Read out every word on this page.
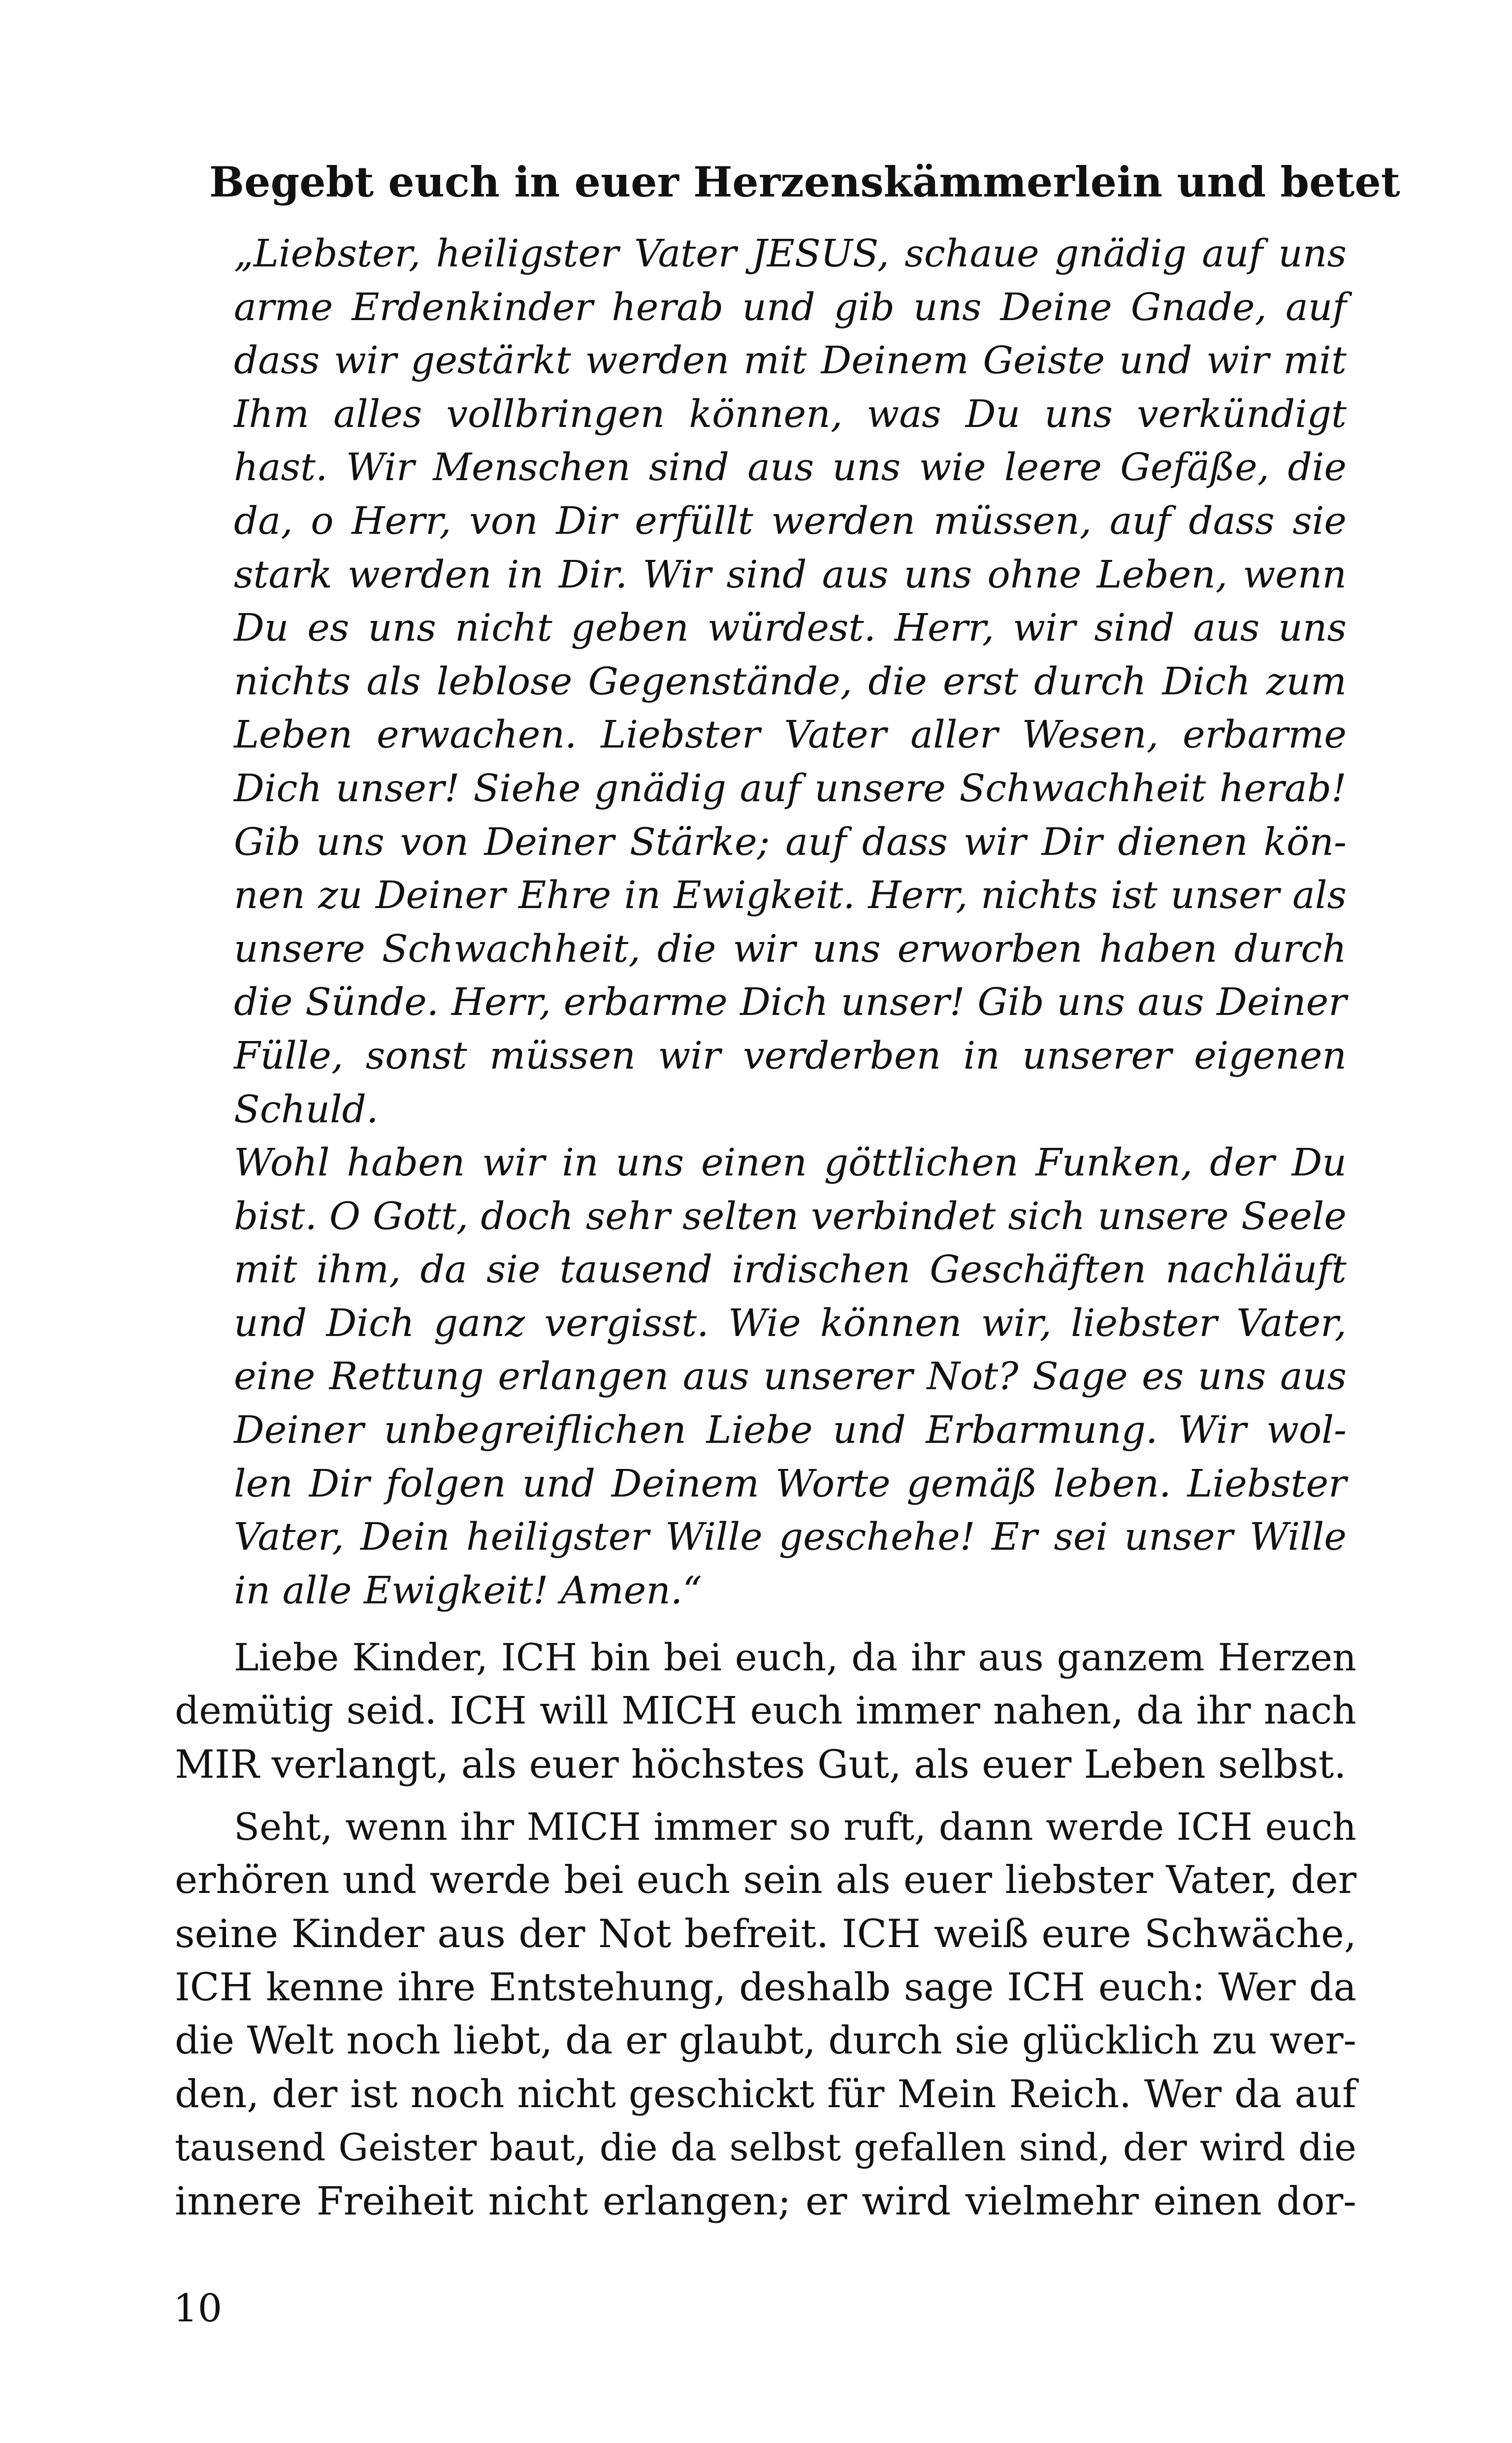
Begebt euch in euer Herzenskämmerlein und betet
„Liebster, heiligster Vater JESUS, schaue gnädig auf uns
arme Erdenkinder herab und gib uns Deine Gnade, auf
dass wir gestärkt werden mit Deinem Geiste und wir mit
Ihm alles vollbringen können, was Du uns verkündigt
hast. Wir Menschen sind aus uns wie leere Gefäße, die
da, o Herr, von Dir erfüllt werden müssen, auf dass sie
stark werden in Dir. Wir sind aus uns ohne Leben, wenn
Du es uns nicht geben würdest. Herr, wir sind aus uns
nichts als leblose Gegenstände, die erst durch Dich zum
Leben erwachen. Liebster Vater aller Wesen, erbarme
Dich unser! Siehe gnädig auf unsere Schwachheit herab!
Gib uns von Deiner Stärke; auf dass wir Dir dienen kön-
nen zu Deiner Ehre in Ewigkeit. Herr, nichts ist unser als
unsere Schwachheit, die wir uns erworben haben durch
die Sünde. Herr, erbarme Dich unser! Gib uns aus Deiner
Fülle, sonst müssen wir verderben in unserer eigenen
Schuld.
Wohl haben wir in uns einen göttlichen Funken, der Du
bist. O Gott, doch sehr selten verbindet sich unsere Seele
mit ihm, da sie tausend irdischen Geschäften nachläuft
und Dich ganz vergisst. Wie können wir, liebster Vater,
eine Rettung erlangen aus unserer Not? Sage es uns aus
Deiner unbegreiflichen Liebe und Erbarmung. Wir wol-
len Dir folgen und Deinem Worte gemäß leben. Liebster
Vater, Dein heiligster Wille geschehe! Er sei unser Wille
in alle Ewigkeit! Amen.“
Liebe Kinder, ICH bin bei euch, da ihr aus ganzem Herzen
demütig seid. ICH will MICH euch immer nahen, da ihr nach
MIR verlangt, als euer höchstes Gut, als euer Leben selbst.
Seht, wenn ihr MICH immer so ruft, dann werde ICH euch
erhören und werde bei euch sein als euer liebster Vater, der
seine Kinder aus der Not befreit. ICH weiß eure Schwäche,
ICH kenne ihre Entstehung, deshalb sage ICH euch: Wer da
die Welt noch liebt, da er glaubt, durch sie glücklich zu wer-
den, der ist noch nicht geschickt für Mein Reich. Wer da auf
tausend Geister baut, die da selbst gefallen sind, der wird die
innere Freiheit nicht erlangen; er wird vielmehr einen dor-
10
